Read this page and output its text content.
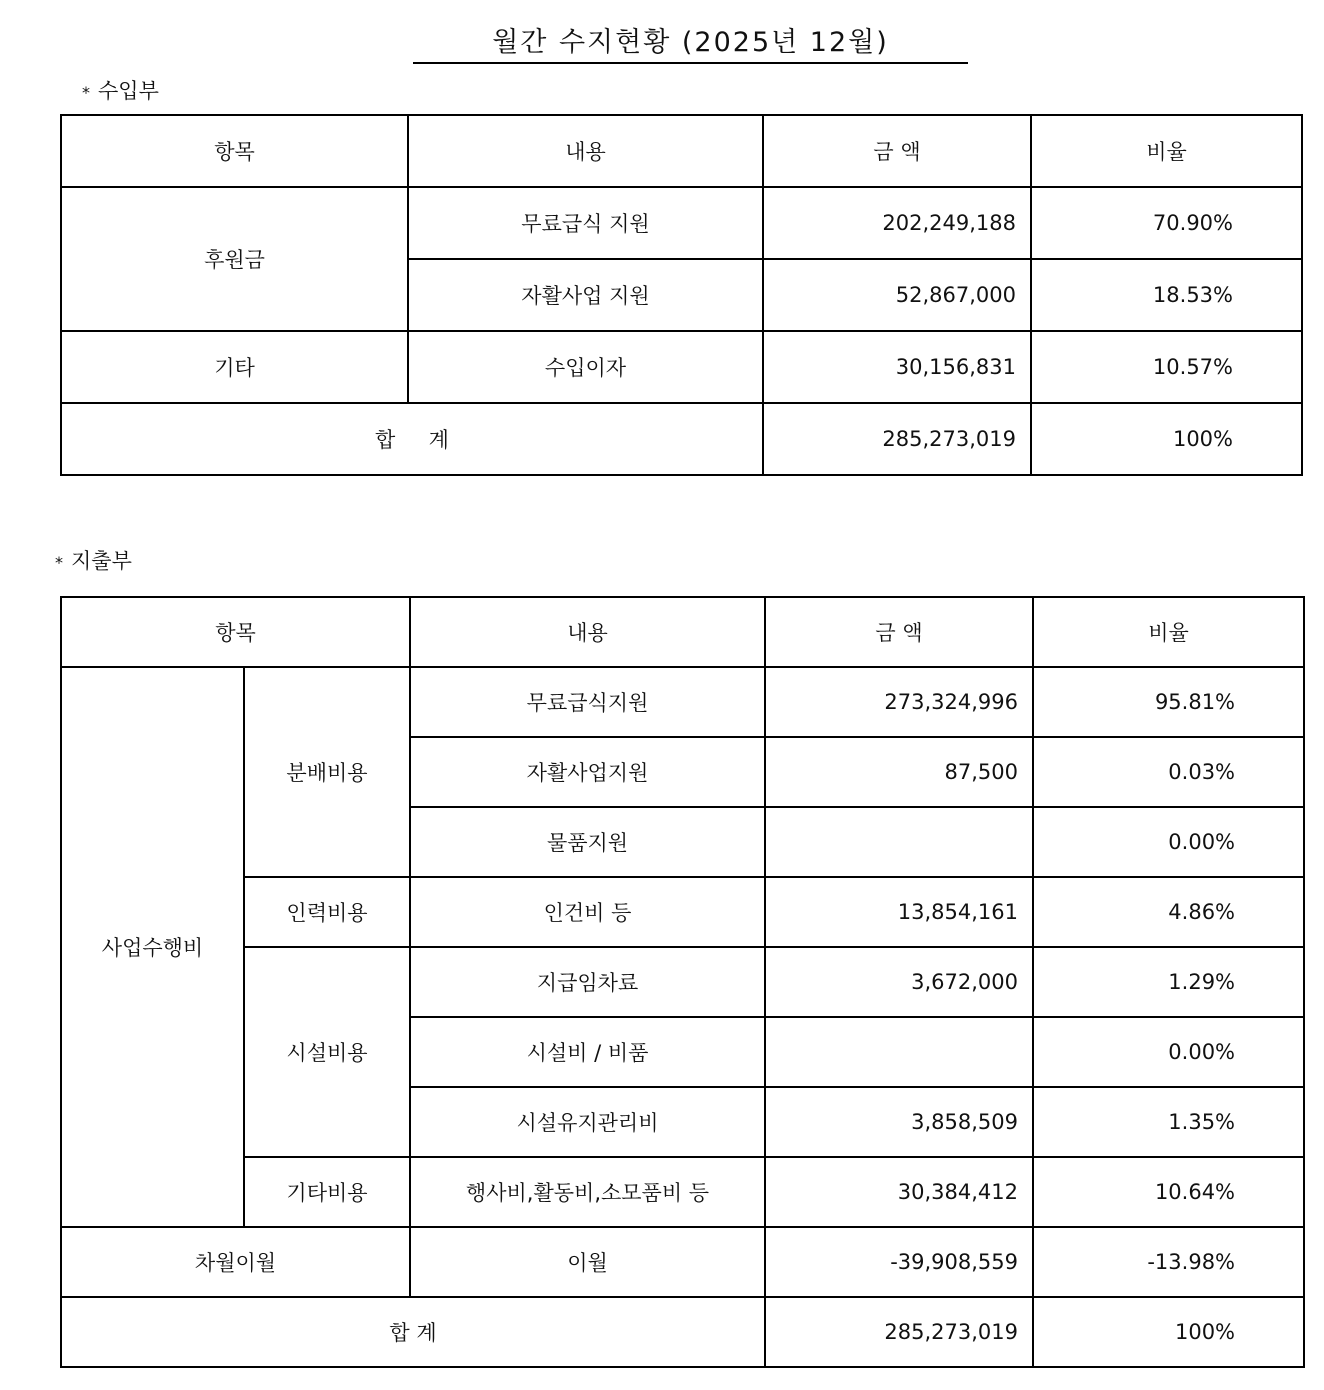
월간 수지현황 (2025년 12월)
* 수입부
항목	내용	금 액	비율
후원금	무료급식 지원	202,249,188	70.90%
	자활사업 지원	52,867,000	18.53%
기타	수입이자	30,156,831	10.57%
합     계		285,273,019	100%
* 지출부
항목		내용	금 액	비율
사업수행비	분배비용	무료급식지원	273,324,996	95.81%
		자활사업지원	87,500	0.03%
		물품지원		0.00%
	인력비용	인건비 등	13,854,161	4.86%
	시설비용	지급임차료	3,672,000	1.29%
		시설비 / 비품		0.00%
		시설유지관리비	3,858,509	1.35%
	기타비용	행사비,활동비,소모품비 등	30,384,412	10.64%
차월이월		이월	-39,908,559	-13.98%
합 계			285,273,019	100%
